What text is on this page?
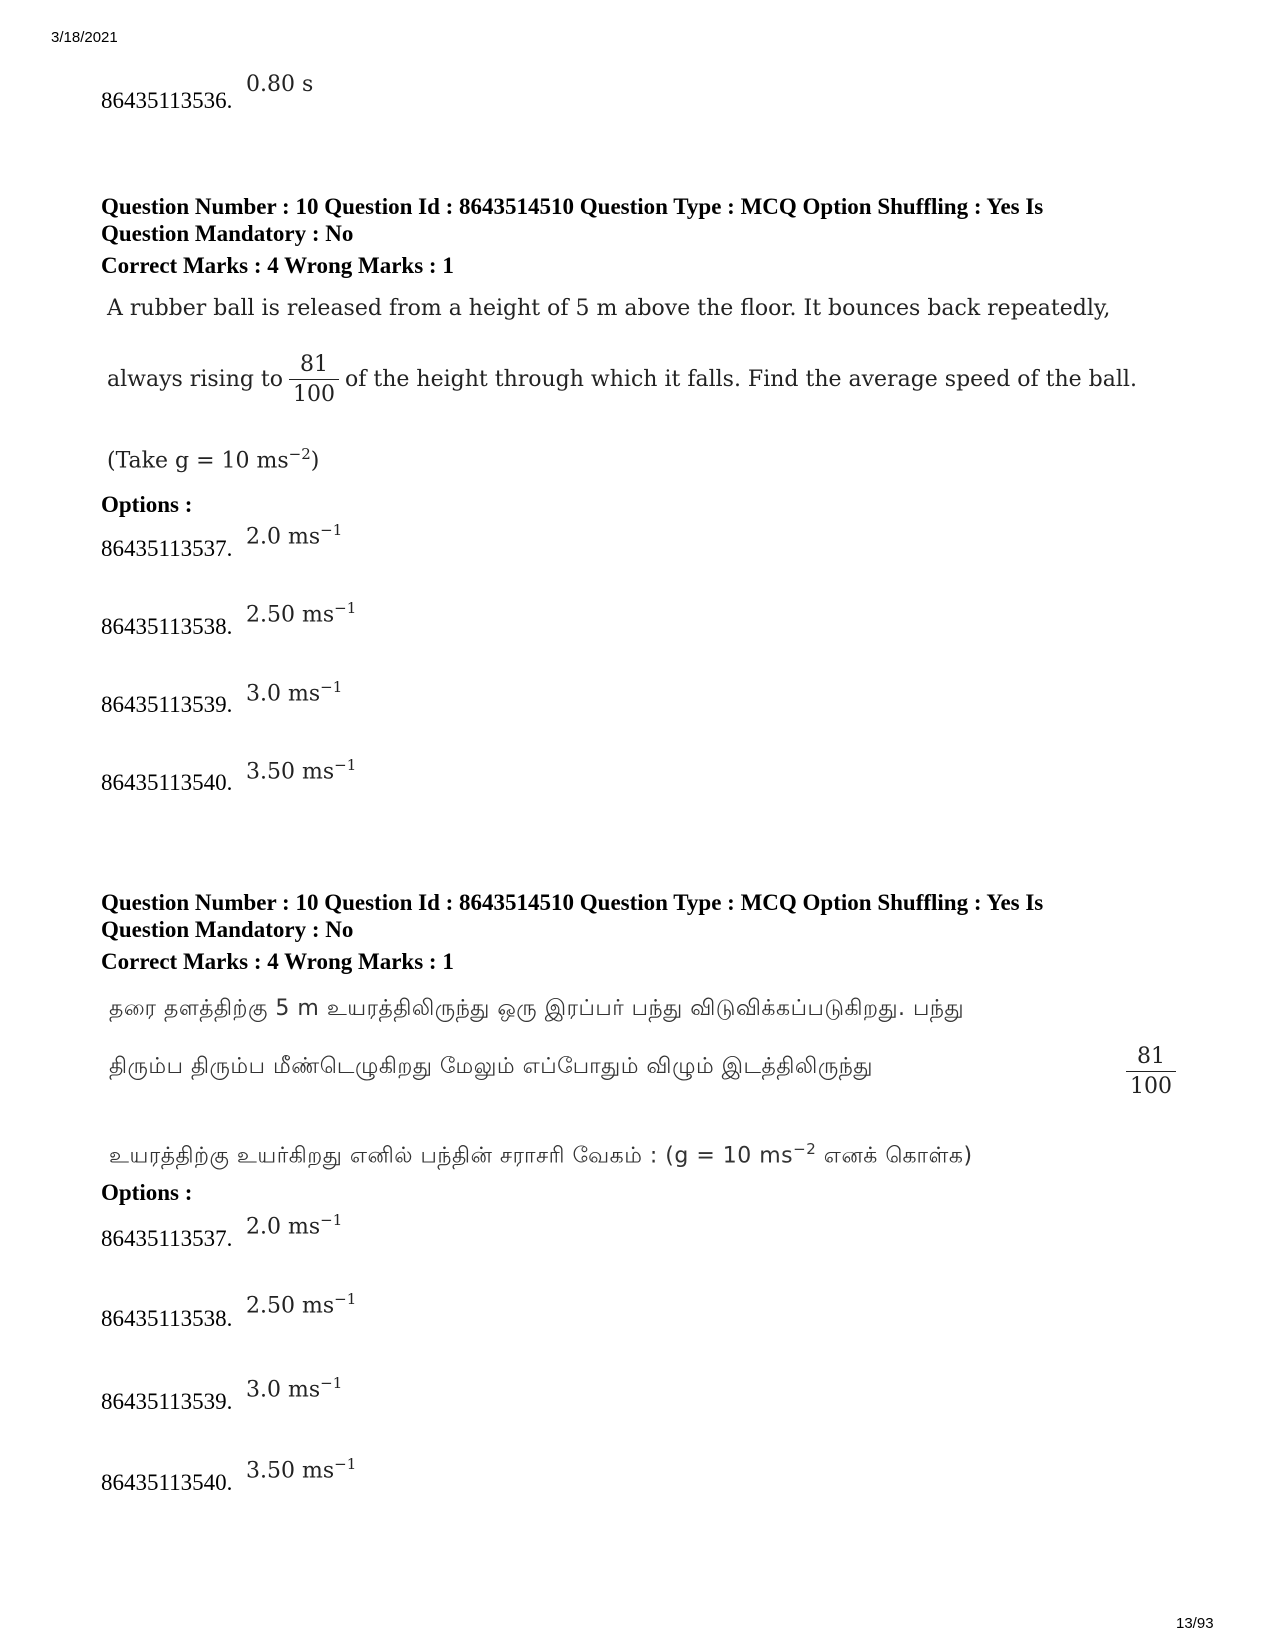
3/18/2021
86435113536.
0.80 s
Question Number : 10 Question Id : 8643514510 Question Type : MCQ Option Shuffling : Yes Is
Question Mandatory : No
Correct Marks : 4 Wrong Marks : 1
A rubber ball is released from a height of 5 m above the floor. It bounces back repeatedly,
always rising to $\frac{81}{100}$ of the height through which it falls. Find the average speed of the ball.
(Take g = 10 $ms^{-2}$)
Options :
86435113537. 2.0 $ms^{-1}$
86435113538. 2.50 $ms^{-1}$
86435113539. 3.0 $ms^{-1}$
86435113540. 3.50 $ms^{-1}$
Question Number : 10 Question Id : 8643514510 Question Type : MCQ Option Shuffling : Yes Is
Question Mandatory : No
Correct Marks : 4 Wrong Marks : 1
தரை தளத்திற்கு 5 m உயரத்திலிருந்து ஒரு இரப்பர் பந்து விடுவிக்கப்படுகிறது. பந்து
திரும்ப திரும்ப மீண்டெழுகிறது மேலும் எப்போதும் விழும் இடத்திலிருந்து	$\frac{81}{100}$
உயரத்திற்கு உயர்கிறது எனில் பந்தின் சராசரி வேகம் : (g = 10 $ms^{-2}$ எனக் கொள்க)
Options :
86435113537. 2.0 $ms^{-1}$
86435113538.
2.50 $ms^{-1}$
86435113539. 3.0 $ms^{-1}$
86435113540. 3.50 $ms^{-1}$
13/93
